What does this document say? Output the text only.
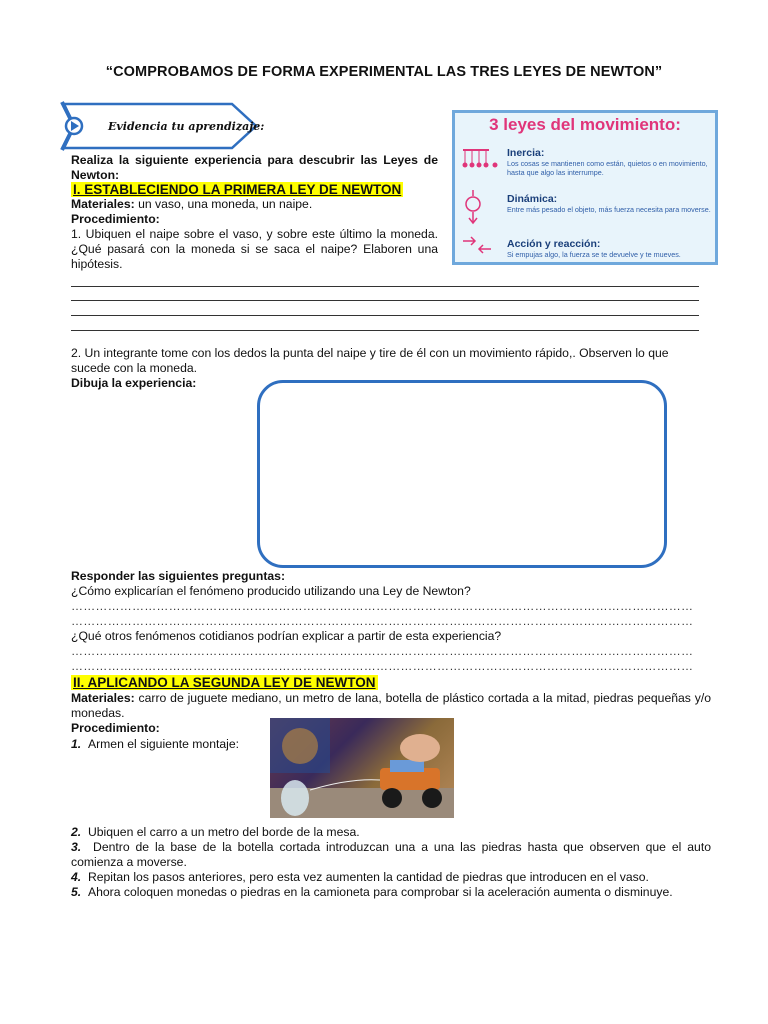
“COMPROBAMOS DE FORMA EXPERIMENTAL LAS TRES LEYES DE NEWTON”
Evidencia tu aprendizaje:	3 leyes del movimiento:
Inercia:
Los cosas se mantienen como están, quietos o en movimiento, hasta que algo las interrumpe.
Dinámica:
Entre más pesado el objeto, más fuerza necesita para moverse.
Acción y reacción:
Si empujas algo, la fuerza se te devuelve y te mueves.
Realiza la siguiente experiencia para descubrir las Leyes de Newton:
I. ESTABLECIENDO LA PRIMERA LEY DE NEWTON
Materiales: un vaso, una moneda, un naipe.
Procedimiento:
1. Ubiquen el naipe sobre el vaso, y sobre este último la moneda. ¿Qué pasará con la moneda si se saca el naipe? Elaboren una hipótesis.
2. Un integrante tome con los dedos la punta del naipe y tire de él con un movimiento rápido,. Observen lo que sucede con la moneda.
Dibuja la experiencia:
Responder las siguientes preguntas:
¿Cómo explicarían el fenómeno producido utilizando una Ley de Newton?
………………………………………………………………………………………………………………………………………
………………………………………………………………………………………………………………………………………
¿Qué otros fenómenos cotidianos podrían explicar a partir de esta experiencia?
………………………………………………………………………………………………………………………………………
………………………………………………………………………………………………………………………………………
II. APLICANDO LA SEGUNDA LEY DE NEWTON
Materiales: carro de juguete mediano, un metro de lana, botella de plástico cortada a la mitad, piedras pequeñas y/o monedas.
Procedimiento:
1. Armen el siguiente montaje:
2. Ubiquen el carro a un metro del borde de la mesa.
3. Dentro de la base de la botella cortada introduzcan una a una las piedras hasta que observen que el auto comienza a moverse.
4. Repitan los pasos anteriores, pero esta vez aumenten la cantidad de piedras que introducen en el vaso.
5. Ahora coloquen monedas o piedras en la camioneta para comprobar si la aceleración aumenta o disminuye.
